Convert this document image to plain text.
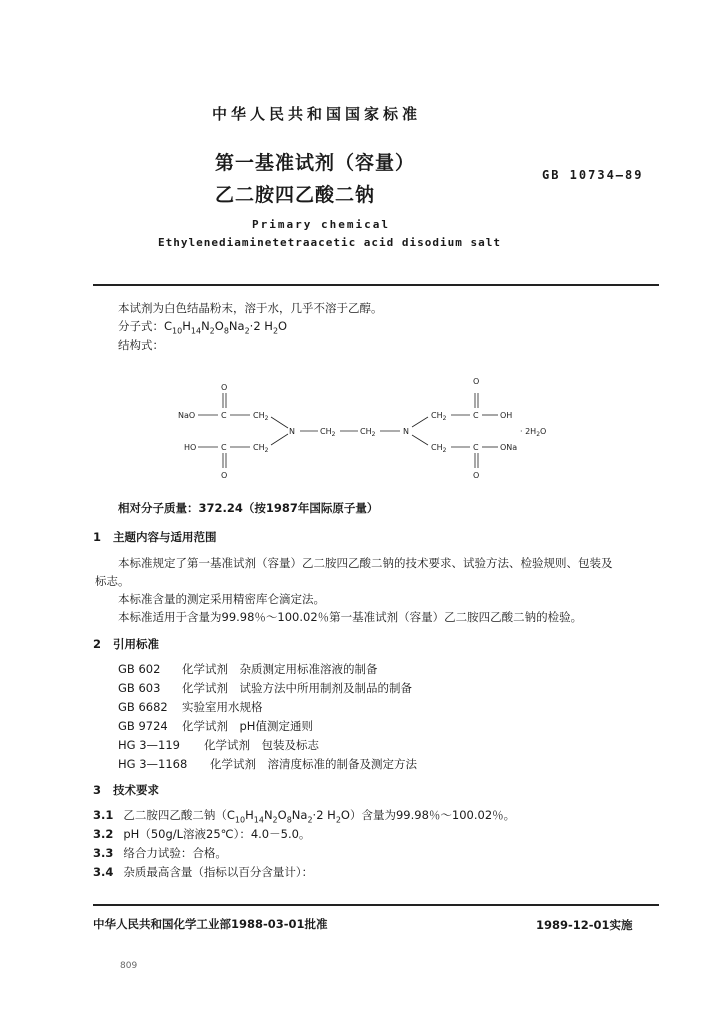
中华人民共和国国家标准
第一基准试剂（容量）
乙二胺四乙酸二钠
GB 10734—89
Primary chemical
Ethylenediaminetetraacetic acid disodium salt
本试剂为白色结晶粉末，溶于水，几乎不溶于乙醇。
分子式：$C_{10}H_{14}N_2O_8Na_2\cdot 2$ $H_2O$
结构式：
O
NaO	C	$CH_2$
N	$CH_2$	$CH_2$	N
$CH_2$
C
HO
O
$CH_2$	C
O
OH
$CH_2$	C
O
ONa
· $2H_2O$
相对分子质量：372.24（按1987年国际原子量）
1 主题内容与适用范围
本标准规定了第一基准试剂（容量）乙二胺四乙酸二钠的技术要求、试验方法、检验规则、包装及
标志。
本标准含量的测定采用精密库仑滴定法。
本标准适用于含量为99.98％～100.02％第一基准试剂（容量）乙二胺四乙酸二钠的检验。
2 引用标准
GB 602 化学试剂　杂质测定用标准溶液的制备
GB 603 化学试剂　试验方法中所用制剂及制品的制备
GB 6682 实验室用水规格
GB 9724 化学试剂　pH值测定通则
HG 3—119 化学试剂　包装及标志
HG 3—1168 化学试剂　溶清度标准的制备及测定方法
3 技术要求
3.1 乙二胺四乙酸二钠（$C_{10}H_{14}N_2O_8Na_2\cdot 2$ $H_2O$）含量为99.98％～100.02％。
3.2 pH（50g/L溶液25℃）：4.0－5.0。
3.3 络合力试验：合格。
3.4 杂质最高含量（指标以百分含量计）：
中华人民共和国化学工业部1988-03-01批准	1989-12-01实施
809
